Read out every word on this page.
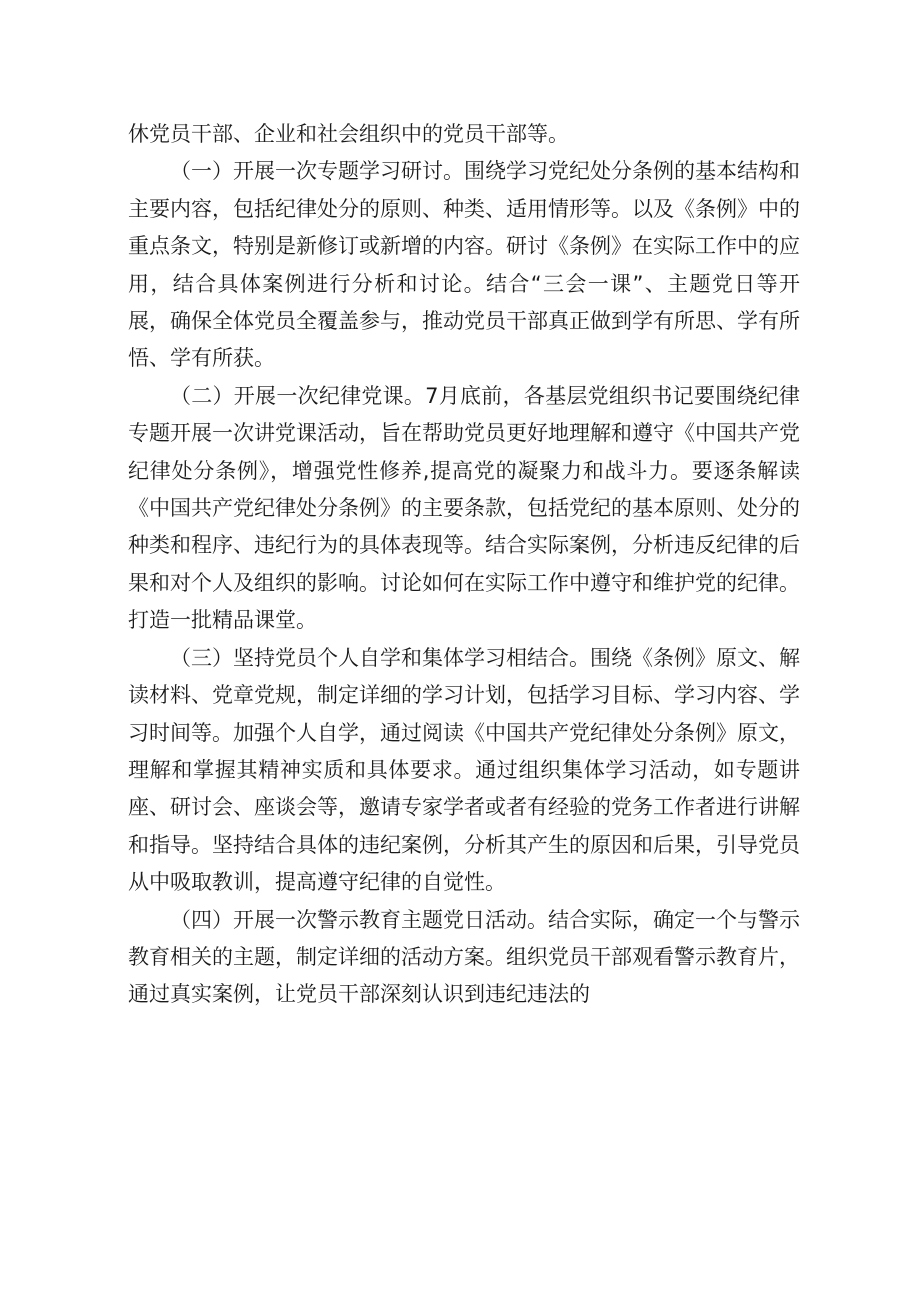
休党员干部、企业和社会组织中的党员干部等。

（一）开展一次专题学习研讨。围绕学习党纪处分条例的基本结构和主要内容，包括纪律处分的原则、种类、适用情形等。以及《条例》中的重点条文，特别是新修订或新增的内容。研讨《条例》在实际工作中的应用，结合具体案例进行分析和讨论。结合“三会一课”、主题党日等开展，确保全体党员全覆盖参与，推动党员干部真正做到学有所思、学有所悟、学有所获。

（二）开展一次纪律党课。7月底前，各基层党组织书记要围绕纪律专题开展一次讲党课活动，旨在帮助党员更好地理解和遵守《中国共产党纪律处分条例》，增强党性修养,提高党的凝聚力和战斗力。要逐条解读《中国共产党纪律处分条例》的主要条款，包括党纪的基本原则、处分的种类和程序、违纪行为的具体表现等。结合实际案例，分析违反纪律的后果和对个人及组织的影响。讨论如何在实际工作中遵守和维护党的纪律。打造一批精品课堂。

（三）坚持党员个人自学和集体学习相结合。围绕《条例》原文、解读材料、党章党规，制定详细的学习计划，包括学习目标、学习内容、学习时间等。加强个人自学，通过阅读《中国共产党纪律处分条例》原文，理解和掌握其精神实质和具体要求。通过组织集体学习活动，如专题讲座、研讨会、座谈会等，邀请专家学者或者有经验的党务工作者进行讲解和指导。坚持结合具体的违纪案例，分析其产生的原因和后果，引导党员从中吸取教训，提高遵守纪律的自觉性。

（四）开展一次警示教育主题党日活动。结合实际，确定一个与警示教育相关的主题，制定详细的活动方案。组织党员干部观看警示教育片，通过真实案例，让党员干部深刻认识到违纪违法的
